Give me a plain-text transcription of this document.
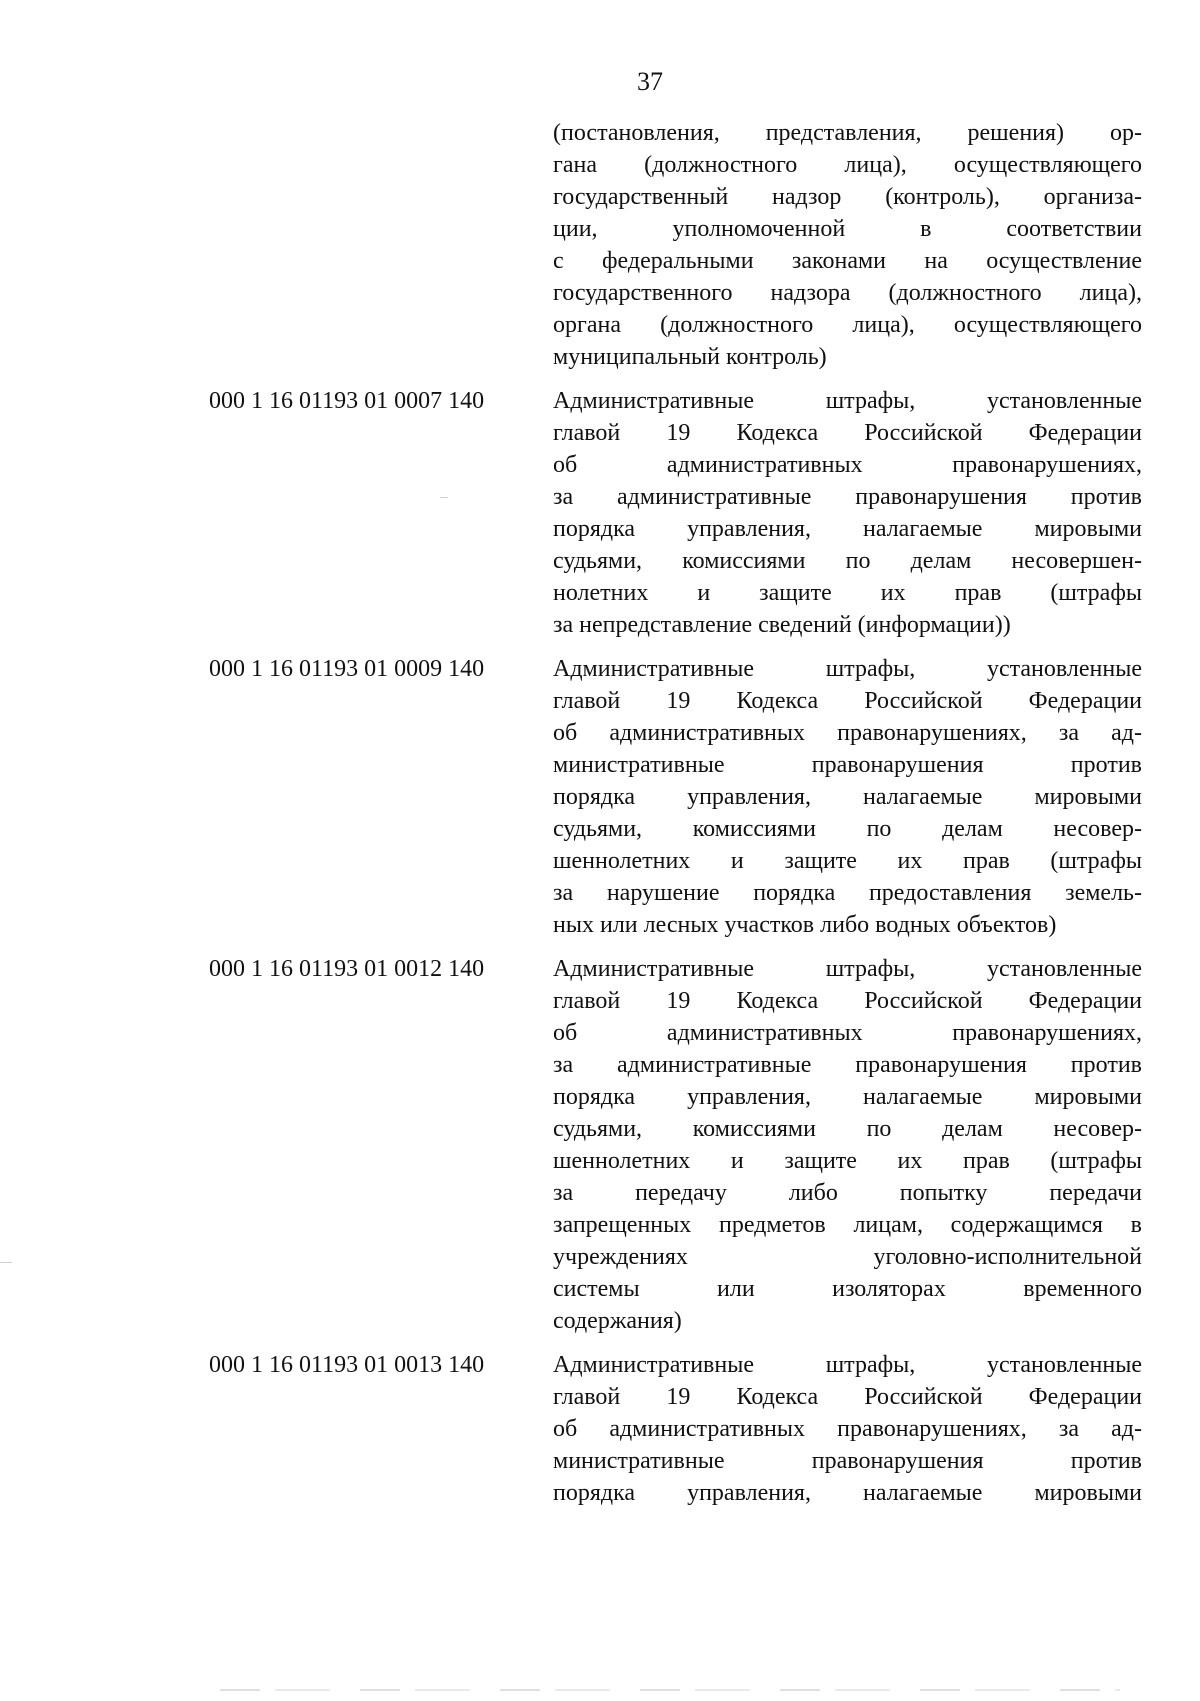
37
(постановления, представления, решения) ор-
гана (должностного лица), осуществляющего
государственный надзор (контроль), организа-
ции, уполномоченной в соответствии
с федеральными законами на осуществление
государственного надзора (должностного лица),
органа (должностного лица), осуществляющего
муниципальный контроль)
000 1 16 01193 01 0007 140	Административные штрафы, установленные
главой 19 Кодекса Российской Федерации
об административных правонарушениях,
за административные правонарушения против
порядка управления, налагаемые мировыми
судьями, комиссиями по делам несовершен-
нолетних и защите их прав (штрафы
за непредставление сведений (информации))
000 1 16 01193 01 0009 140	Административные штрафы, установленные
главой 19 Кодекса Российской Федерации
об административных правонарушениях, за ад-
министративные правонарушения против
порядка управления, налагаемые мировыми
судьями, комиссиями по делам несовер-
шеннолетних и защите их прав (штрафы
за нарушение порядка предоставления земель-
ных или лесных участков либо водных объектов)
000 1 16 01193 01 0012 140	Административные штрафы, установленные
главой 19 Кодекса Российской Федерации
об административных правонарушениях,
за административные правонарушения против
порядка управления, налагаемые мировыми
судьями, комиссиями по делам несовер-
шеннолетних и защите их прав (штрафы
за передачу либо попытку передачи
запрещенных предметов лицам, содержащимся в
учреждениях уголовно-исполнительной
системы или изоляторах временного
содержания)
000 1 16 01193 01 0013 140	Административные штрафы, установленные
главой 19 Кодекса Российской Федерации
об административных правонарушениях, за ад-
министративные правонарушения против
порядка управления, налагаемые мировыми
